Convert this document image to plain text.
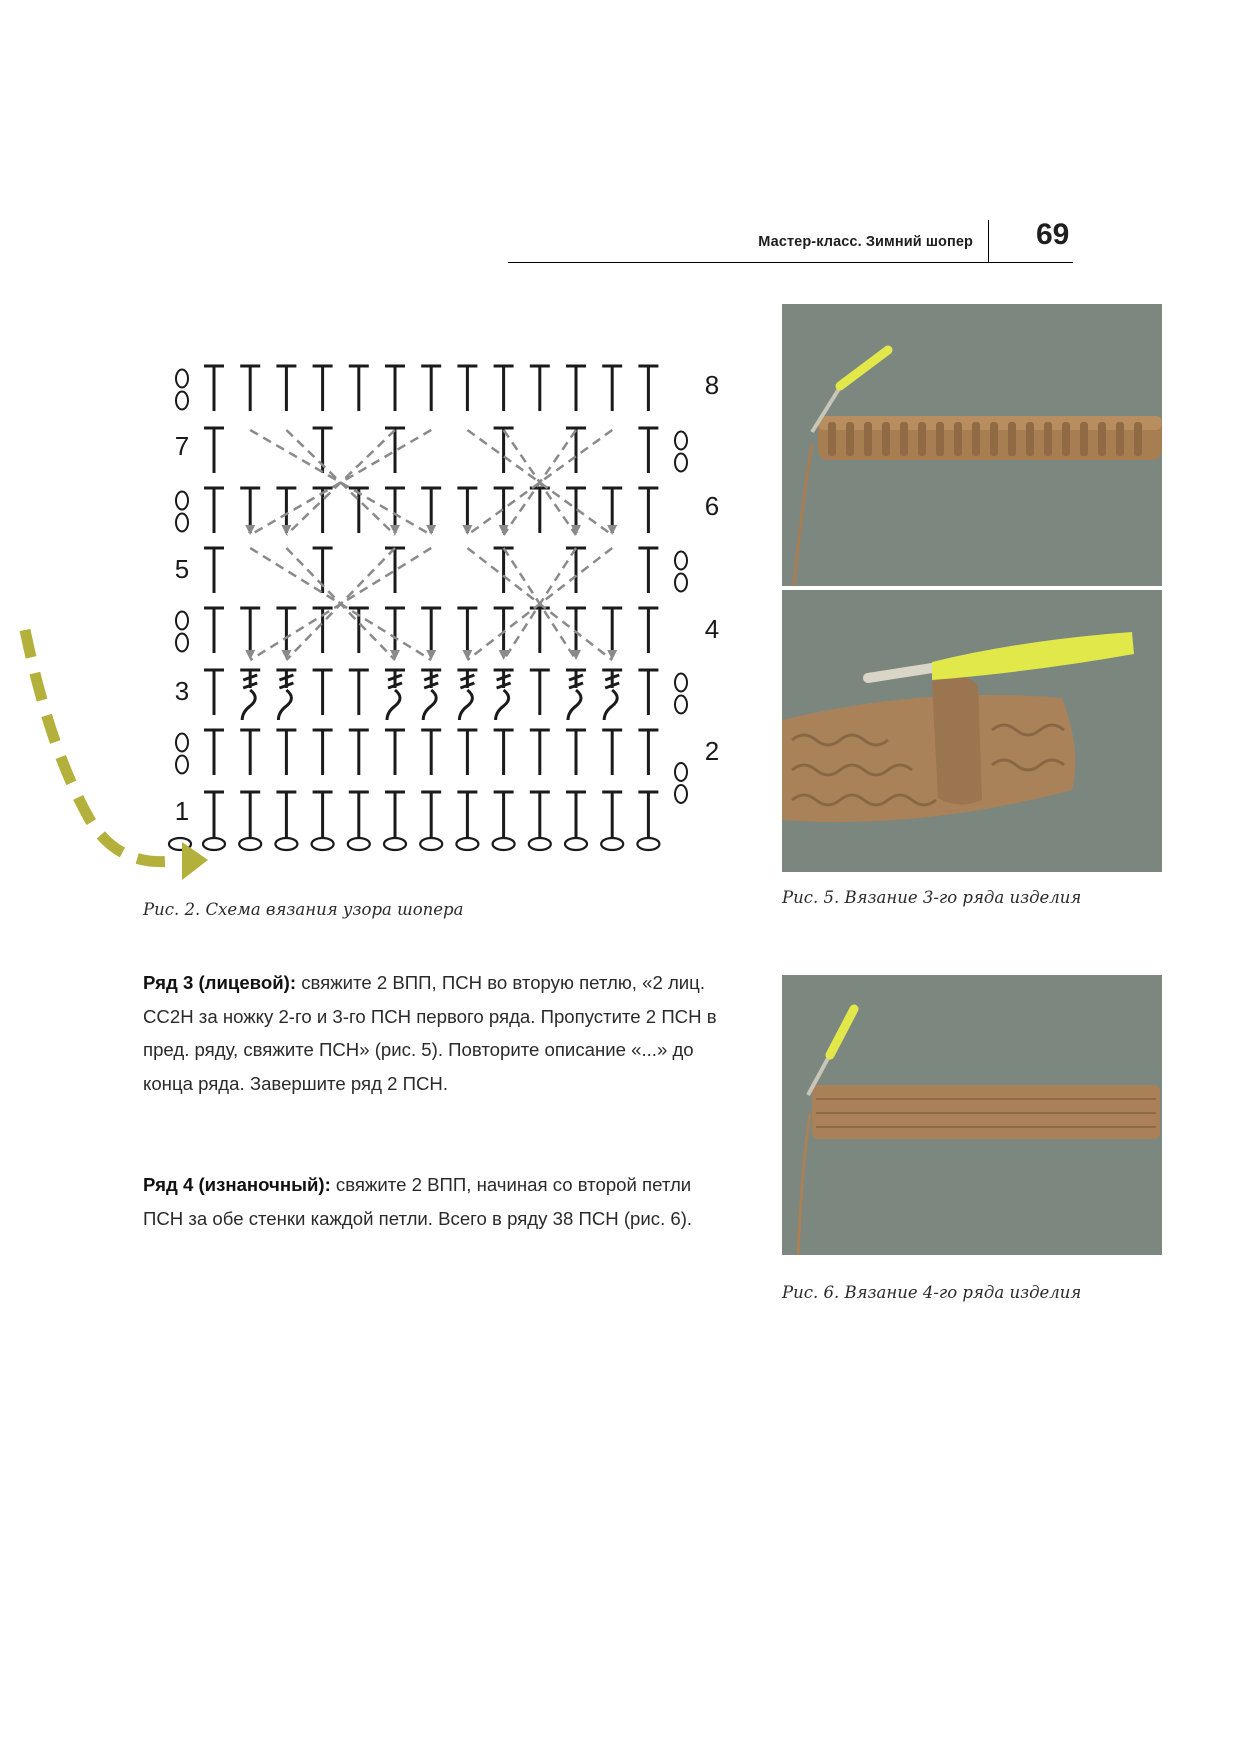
Мастер-класс. Зимний шопер 69
1
2
3
4
5
6
7
8
Рис. 2. Схема вязания узора шопера
Ряд 3 (лицевой): свяжите 2 ВПП, ПСН во вторую петлю, «2 лиц. СС2Н за ножку 2-го и 3-го ПСН первого ряда. Пропустите 2 ПСН в пред. ряду, свяжите ПСН» (рис. 5). Повторите описание «...» до конца ряда. Завершите ряд 2 ПСН.
Ряд 4 (изнаночный): свяжите 2 ВПП, начиная со второй петли ПСН за обе стенки каждой петли. Всего в ряду 38 ПСН (рис. 6).
Рис. 5. Вязание 3-го ряда изделия
Рис. 6. Вязание 4-го ряда изделия
